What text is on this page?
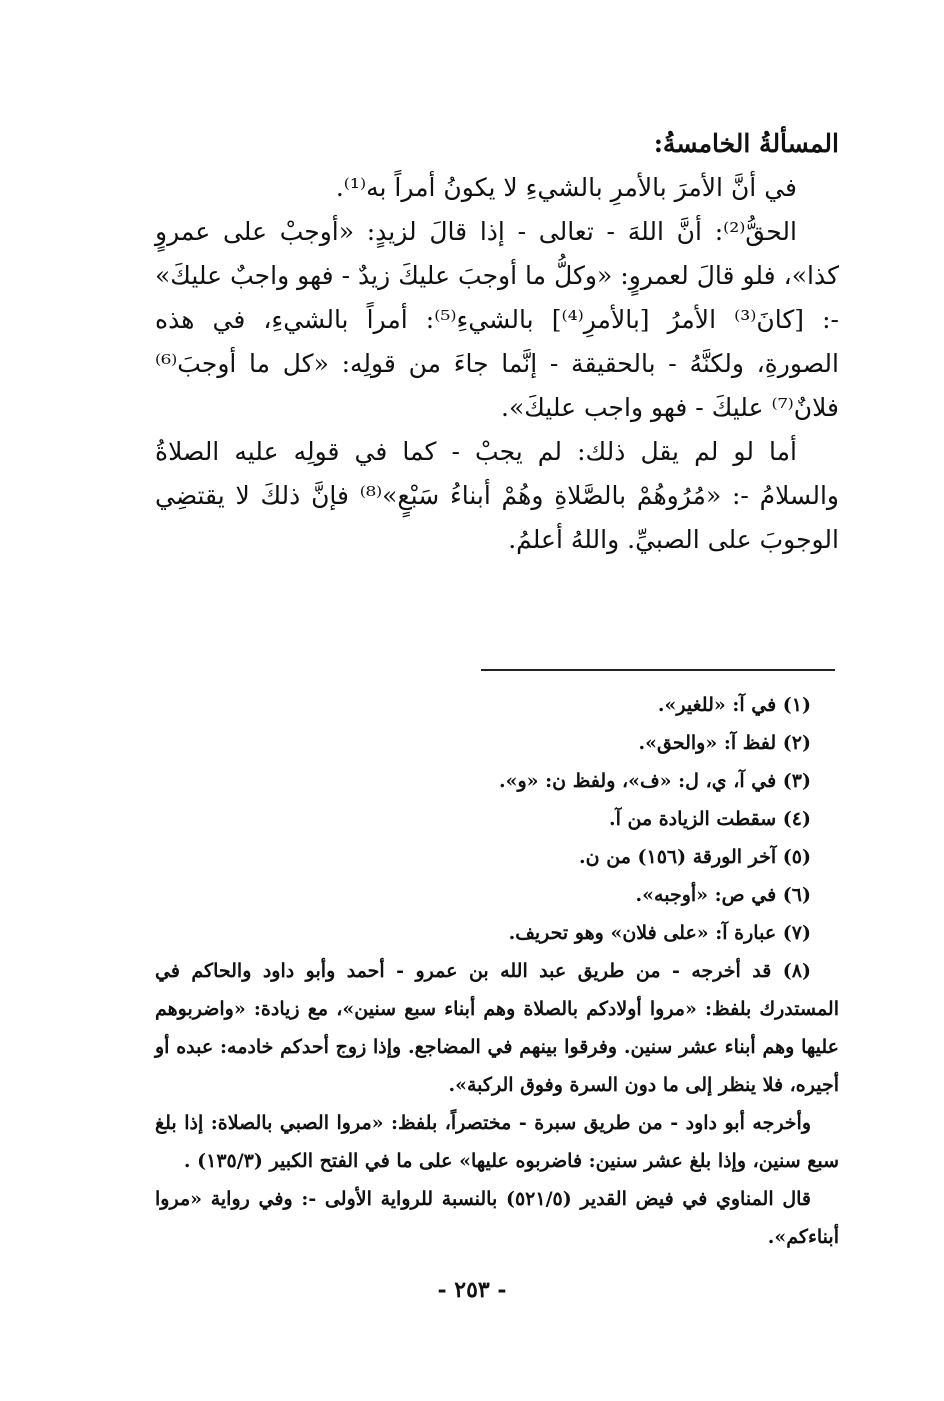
المسألةُ الخامسةُ:

في أنَّ الأمرَ بالأمرِ بالشيءِ لا يكونُ أمراً به⁽¹⁾.

الحقُّ⁽²⁾: أنَّ اللهَ - تعالى - إذا قالَ لزيدٍ: «أوجبْ على عمروٍ كذا»، فلو قالَ لعمروٍ: «وكلُّ ما أوجبَ عليكَ زيدٌ - فهو واجبٌ عليكَ» -: [كانَ⁽³⁾ الأمرُ [بالأمرِ⁽⁴⁾] بالشيءِ⁽⁵⁾: أمراً بالشيءِ، في هذه الصورةِ، ولكنَّهُ - بالحقيقة - إنَّما جاءَ من قولِه: «كل ما أوجبَ⁽⁶⁾ فلانٌ⁽⁷⁾ عليكَ - فهو واجب عليكَ».

أما لو لم يقل ذلك: لم يجبْ - كما في قولِه عليه الصلاةُ والسلامُ -: «مُرُوهُمْ بالصَّلاةِ وهُمْ أبناءُ سَبْعٍ»⁽⁸⁾ فإنَّ ذلكَ لا يقتضِي الوجوبَ على الصبيِّ. واللهُ أعلمُ.

(١) في آ: «للغير».

(٢) لفظ آ: «والحق».

(٣) في آ، ي، ل: «ف»، ولفظ ن: «و».

(٤) سقطت الزيادة من آ.

(٥) آخر الورقة (١٥٦) من ن.

(٦) في ص: «أوجبه».

(٧) عبارة آ: «على فلان» وهو تحريف.

(٨) قد أخرجه - من طريق عبد الله بن عمرو - أحمد وأبو داود والحاكم في المستدرك بلفظ: «مروا أولادكم بالصلاة وهم أبناء سبع سنين»، مع زيادة: «واضربوهم عليها وهم أبناء عشر سنين. وفرقوا بينهم في المضاجع. وإذا زوج أحدكم خادمه: عبده أو أجيره، فلا ينظر إلى ما دون السرة وفوق الركبة».

وأخرجه أبو داود - من طريق سبرة - مختصراً، بلفظ: «مروا الصبي بالصلاة: إذا بلغ سبع سنين، وإذا بلغ عشر سنين: فاضربوه عليها» على ما في الفتح الكبير (١٣٥/٣) .

قال المناوي في فيض القدير (٥٢١/٥) بالنسبة للرواية الأولى -: وفي رواية «مروا أبناءكم».

- ٢٥٣ -
